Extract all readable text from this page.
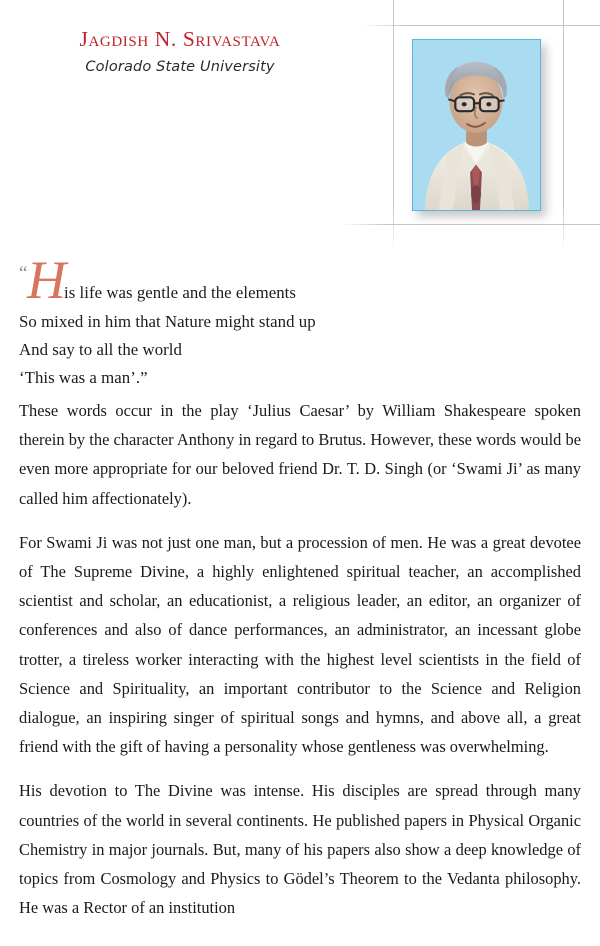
Jagdish N. Srivastava
Colorado State University
“ H
is life was gentle and the elements
So mixed in him that Nature might stand up
And say to all the world
‘This was a man’.”

These words occur in the play ‘Julius Caesar’ by William Shakespeare spoken therein by the character Anthony in regard to Brutus. However, these words would be even more appropriate for our beloved friend Dr. T. D. Singh (or ‘Swami Ji’ as many called him affectionately).

For Swami Ji was not just one man, but a procession of men. He was a great devotee of The Supreme Divine, a highly enlightened spiritual teacher, an accomplished scientist and scholar, an educationist, a religious leader, an editor, an organizer of conferences and also of dance performances, an administrator, an incessant globe trotter, a tireless worker interacting with the highest level scientists in the field of Science and Spirituality, an important contributor to the Science and Religion dialogue, an inspiring singer of spiritual songs and hymns, and above all, a great friend with the gift of having a personality whose gentleness was overwhelming.

His devotion to The Divine was intense. His disciples are spread through many countries of the world in several continents. He published papers in Physical Organic Chemistry in major journals. But, many of his papers also show a deep knowledge of topics from Cosmology and Physics to Gödel’s Theorem to the Vedanta philosophy. He was a Rector of an institution
